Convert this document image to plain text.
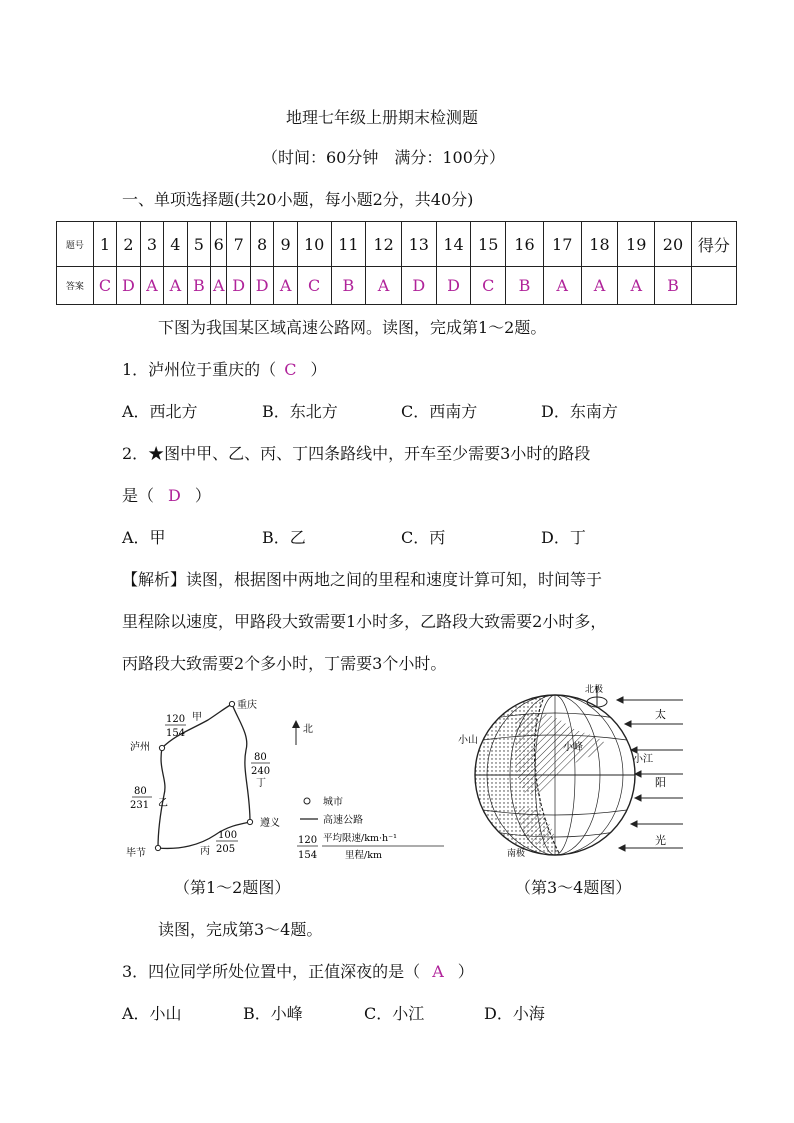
地理七年级上册期末检测题
（时间：60分钟　满分：100分）
一、单项选择题(共20小题，每小题2分，共40分)
题号	1	2	3	4	5	6	7	8	9	10	11	12	13	14	15	16	17	18	19	20	得分
答案	C	D	A	A	B	A	D	D	A	C	B	A	D	D	C	B	A	A	A	B	
下图为我国某区域高速公路网。读图，完成第1～2题。
1．泸州位于重庆的（ C ）
A．西北方	B．东北方	C．西南方	D．东南方
2．★图中甲、乙、丙、丁四条路线中，开车至少需要3小时的路段
是（ D ）
A．甲	B．乙	C．丙	D．丁
【解析】读图，根据图中两地之间的里程和速度计算可知，时间等于
里程除以速度，甲路段大致需要1小时多，乙路段大致需要2小时多，
丙路段大致需要2个多小时，丁需要3个小时。
重庆
泸州
毕节
遵义
120
154
甲
80
231 乙
100
205
丙
80
240
丁
北
城市
高速公路
120
154
平均限速/km·h⁻¹
里程/km
（第1～2题图）
北极
南极
小山
小峰
小江
太
阳
光
（第3～4题图）
读图，完成第3～4题。
3．四位同学所处位置中，正值深夜的是（ A ）
A．小山	B．小峰	C．小江	D．小海
